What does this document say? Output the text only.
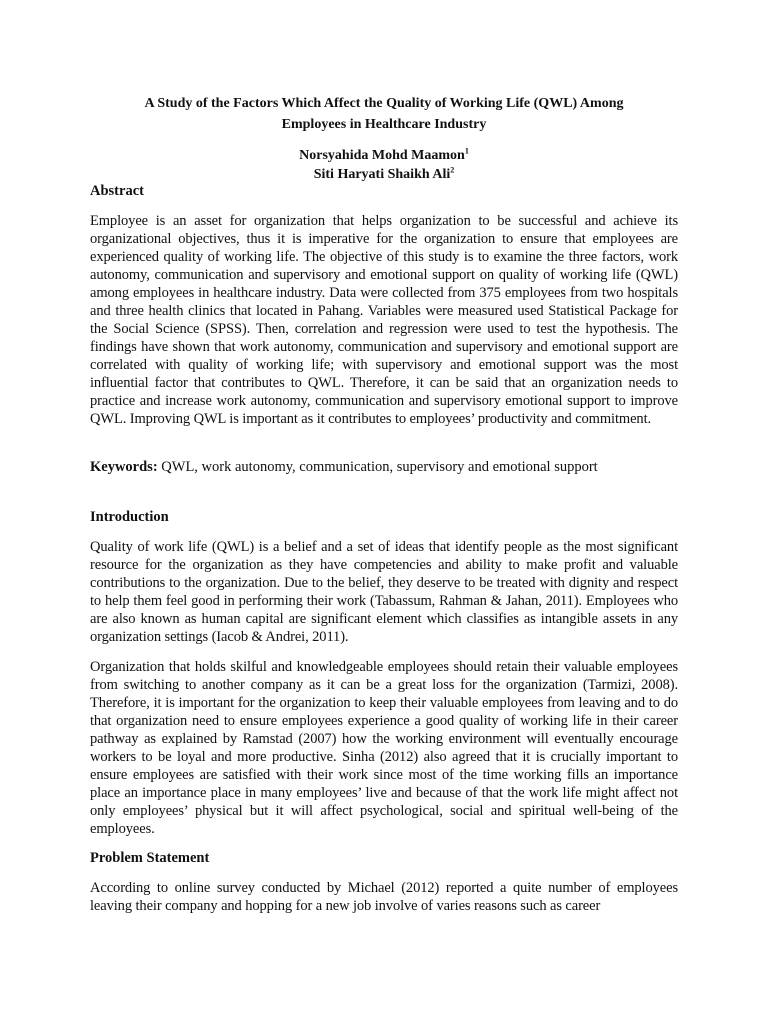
A Study of the Factors Which Affect the Quality of Working Life (QWL) Among
Employees in Healthcare Industry
Norsyahida Mohd Maamon$^1$
Siti Haryati Shaikh Ali$^2$
Abstract

Employee is an asset for organization that helps organization to be successful and achieve its organizational objectives, thus it is imperative for the organization to ensure that employees are experienced quality of working life. The objective of this study is to examine the three factors, work autonomy, communication and supervisory and emotional support on quality of working life (QWL) among employees in healthcare industry. Data were collected from 375 employees from two hospitals and three health clinics that located in Pahang. Variables were measured used Statistical Package for the Social Science (SPSS). Then, correlation and regression were used to test the hypothesis. The findings have shown that work autonomy, communication and supervisory and emotional support are correlated with quality of working life; with supervisory and emotional support was the most influential factor that contributes to QWL. Therefore, it can be said that an organization needs to practice and increase work autonomy, communication and supervisory emotional support to improve QWL. Improving QWL is important as it contributes to employees’ productivity and commitment.

Keywords: QWL, work autonomy, communication, supervisory and emotional support
Introduction

Quality of work life (QWL) is a belief and a set of ideas that identify people as the most significant resource for the organization as they have competencies and ability to make profit and valuable contributions to the organization. Due to the belief, they deserve to be treated with dignity and respect to help them feel good in performing their work (Tabassum, Rahman & Jahan, 2011). Employees who are also known as human capital are significant element which classifies as intangible assets in any organization settings (Iacob & Andrei, 2011).

Organization that holds skilful and knowledgeable employees should retain their valuable employees from switching to another company as it can be a great loss for the organization (Tarmizi, 2008). Therefore, it is important for the organization to keep their valuable employees from leaving and to do that organization need to ensure employees experience a good quality of working life in their career pathway as explained by Ramstad (2007) how the working environment will eventually encourage workers to be loyal and more productive. Sinha (2012) also agreed that it is crucially important to ensure employees are satisfied with their work since most of the time working fills an importance place an importance place in many employees’ live and because of that the work life might affect not only employees’ physical but it will affect psychological, social and spiritual well-being of the employees.

Problem Statement

According to online survey conducted by Michael (2012) reported a quite number of employees leaving their company and hopping for a new job involve of varies reasons such as career
